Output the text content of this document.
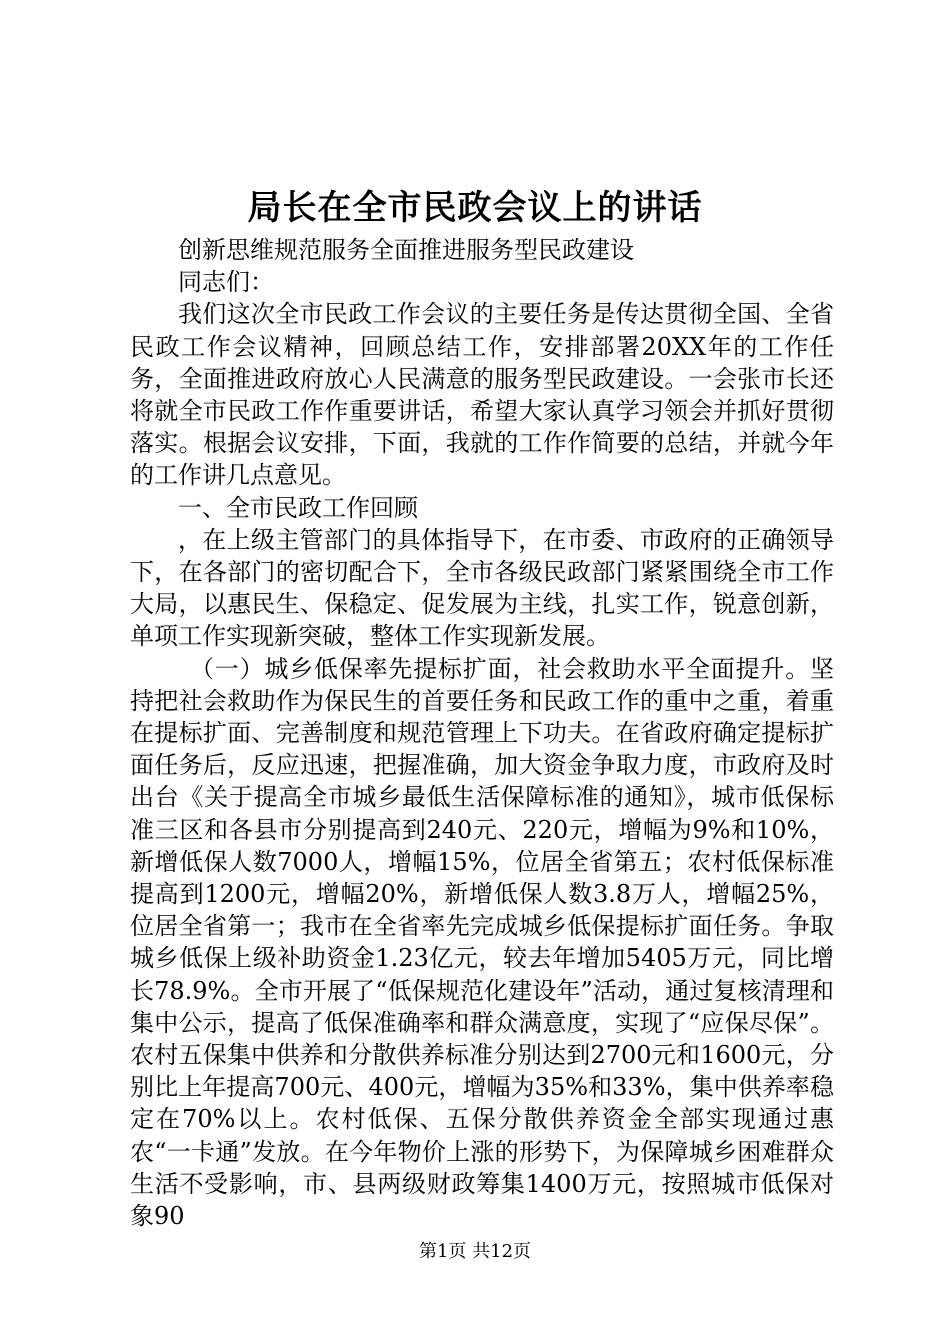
局长在全市民政会议上的讲话

创新思维规范服务全面推进服务型民政建设

同志们：

我们这次全市民政工作会议的主要任务是传达贯彻全国、全省民政工作会议精神，回顾总结工作，安排部署20XX年的工作任务，全面推进政府放心人民满意的服务型民政建设。一会张市长还将就全市民政工作作重要讲话，希望大家认真学习领会并抓好贯彻落实。根据会议安排，下面，我就的工作作简要的总结，并就今年的工作讲几点意见。

一、全市民政工作回顾

，在上级主管部门的具体指导下，在市委、市政府的正确领导下，在各部门的密切配合下，全市各级民政部门紧紧围绕全市工作大局，以惠民生、保稳定、促发展为主线，扎实工作，锐意创新，单项工作实现新突破，整体工作实现新发展。

（一）城乡低保率先提标扩面，社会救助水平全面提升。坚持把社会救助作为保民生的首要任务和民政工作的重中之重，着重在提标扩面、完善制度和规范管理上下功夫。在省政府确定提标扩面任务后，反应迅速，把握准确，加大资金争取力度，市政府及时出台《关于提高全市城乡最低生活保障标准的通知》，城市低保标准三区和各县市分别提高到240元、220元，增幅为9%和10%，新增低保人数7000人，增幅15%，位居全省第五；农村低保标准提高到1200元，增幅20%，新增低保人数3.8万人，增幅25%，位居全省第一；我市在全省率先完成城乡低保提标扩面任务。争取城乡低保上级补助资金1.23亿元，较去年增加5405万元，同比增长78.9%。全市开展了“低保规范化建设年”活动，通过复核清理和集中公示，提高了低保准确率和群众满意度，实现了“应保尽保”。农村五保集中供养和分散供养标准分别达到2700元和1600元，分别比上年提高700元、400元，增幅为35%和33%，集中供养率稳定在70%以上。农村低保、五保分散供养资金全部实现通过惠农“一卡通”发放。在今年物价上涨的形势下，为保障城乡困难群众生活不受影响，市、县两级财政筹集1400万元，按照城市低保对象90

第1页 共12页
